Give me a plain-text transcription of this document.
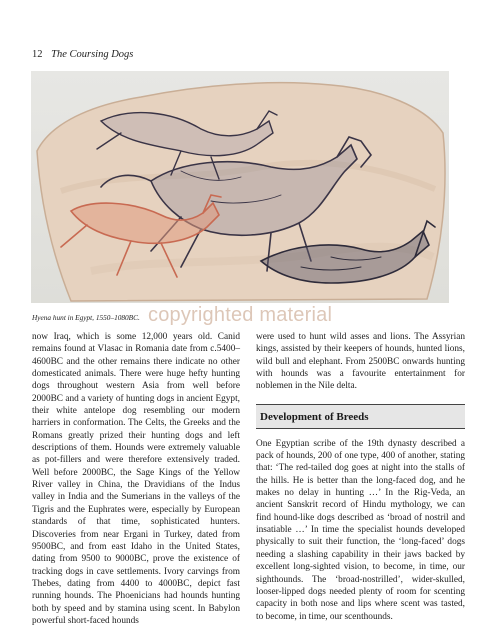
12 The Coursing Dogs
copyrighted material
Hyena hunt in Egypt, 1550–1080BC.

now Iraq, which is some 12,000 years old. Canid remains found at Vlasac in Romania date from c.5400–4600BC and the other remains there indicate no other domesticated animals. There were huge hefty hunting dogs throughout western Asia from well before 2000BC and a variety of hunting dogs in ancient Egypt, their white antelope dog resembling our modern harriers in conformation. The Celts, the Greeks and the Romans greatly prized their hunting dogs and left descriptions of them. Hounds were extremely valuable as pot-fillers and were therefore extensively traded. Well before 2000BC, the Sage Kings of the Yellow River valley in China, the Dravidians of the Indus valley in India and the Sumerians in the valleys of the Tigris and the Euphrates were, especially by European standards of that time, sophisticated hunters. Discoveries from near Ergani in Turkey, dated from 9500BC, and from east Idaho in the United States, dating from 9500 to 9000BC, prove the existence of tracking dogs in cave settlements. Ivory carvings from Thebes, dating from 4400 to 4000BC, depict fast running hounds. The Phoenicians had hounds hunting both by speed and by stamina using scent. In Babylon powerful short-faced hounds

were used to hunt wild asses and lions. The Assyrian kings, assisted by their keepers of hounds, hunted lions, wild bull and elephant. From 2500BC onwards hunting with hounds was a favourite entertainment for noblemen in the Nile delta.

Development of Breeds

One Egyptian scribe of the 19th dynasty described a pack of hounds, 200 of one type, 400 of another, stating that: ‘The red-tailed dog goes at night into the stalls of the hills. He is better than the long-faced dog, and he makes no delay in hunting …’ In the Rig-Veda, an ancient Sanskrit record of Hindu mythology, we can find hound-like dogs described as ‘broad of nostril and insatiable …’ In time the specialist hounds developed physically to suit their function, the ‘long-faced’ dogs needing a slashing capability in their jaws backed by excellent long-sighted vision, to become, in time, our sighthounds. The ‘broad-nostrilled’, wider-skulled, looser-lipped dogs needed plenty of room for scenting capacity in both nose and lips where scent was tasted, to become, in time, our scenthounds.
